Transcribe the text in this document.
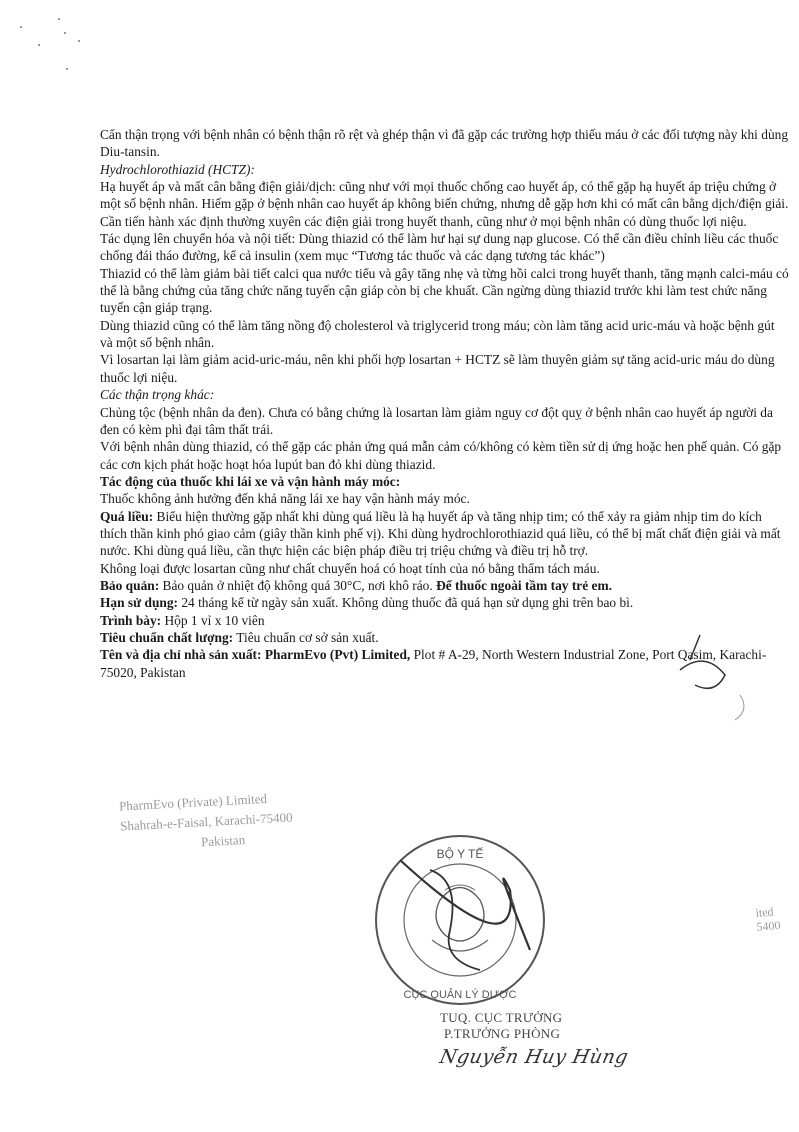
Cẩn thận trọng với bệnh nhân có bệnh thận rõ rệt và ghép thận vì đã gặp các trường hợp thiếu máu ở các đối tượng này khi dùng Diu-tansin.

Hydrochlorothiazid (HCTZ):

Hạ huyết áp và mất cân bằng điện giải/dịch: cũng như với mọi thuốc chống cao huyết áp, có thể gặp hạ huyết áp triệu chứng ở một số bệnh nhân. Hiếm gặp ở bệnh nhân cao huyết áp không biến chứng, nhưng dễ gặp hơn khi có mất cân bằng dịch/điện giải. Cần tiến hành xác định thường xuyên các điện giải trong huyết thanh, cũng như ở mọi bệnh nhân có dùng thuốc lợi niệu.

Tác dụng lên chuyển hóa và nội tiết: Dùng thiazid có thể làm hư hại sự dung nạp glucose. Có thể cần điều chỉnh liều các thuốc chống đái tháo đường, kể cả insulin (xem mục “Tương tác thuốc và các dạng tương tác khác”)

Thiazid có thể làm giảm bài tiết calci qua nước tiểu và gây tăng nhẹ và từng hồi calci trong huyết thanh, tăng mạnh calci-máu có thể là bằng chứng của tăng chức năng tuyến cận giáp còn bị che khuất. Cần ngừng dùng thiazid trước khi làm test chức năng tuyến cận giáp trạng.

Dùng thiazid cũng có thể làm tăng nồng độ cholesterol và triglycerid trong máu; còn làm tăng acid uric-máu và hoặc bệnh gút và một số bệnh nhân.

Vì losartan lại làm giảm acid-uric-máu, nên khi phối hợp losartan + HCTZ sẽ làm thuyên giảm sự tăng acid-uric máu do dùng thuốc lợi niệu.

Các thận trọng khác:

Chủng tộc (bệnh nhân da đen). Chưa có bằng chứng là losartan làm giảm nguy cơ đột quỵ ở bệnh nhân cao huyết áp người da đen có kèm phì đại tâm thất trái.

Với bệnh nhân dùng thiazid, có thể gặp các phản ứng quá mẫn cảm có/không có kèm tiền sử dị ứng hoặc hen phế quản. Có gặp các cơn kịch phát hoặc hoạt hóa lupút ban đỏ khi dùng thiazid.

Tác động của thuốc khi lái xe và vận hành máy móc:

Thuốc không ảnh hưởng đến khả năng lái xe hay vận hành máy móc.

Quá liều: Biểu hiện thường gặp nhất khi dùng quá liều là hạ huyết áp và tăng nhịp tim; có thể xảy ra giảm nhịp tim do kích thích thần kinh phó giao cảm (giây thần kinh phế vị). Khi dùng hydrochlorothiazid quá liều, có thể bị mất chất điện giải và mất nước. Khi dùng quá liều, cần thực hiện các biện pháp điều trị triệu chứng và điều trị hỗ trợ.

Không loại được losartan cũng như chất chuyển hoá có hoạt tính của nó bằng thẩm tách máu.

Bảo quản: Bảo quản ở nhiệt độ không quá 30°C, nơi khô ráo. Để thuốc ngoài tầm tay trẻ em.

Hạn sử dụng: 24 tháng kể từ ngày sản xuất. Không dùng thuốc đã quá hạn sử dụng ghi trên bao bì.

Trình bày: Hộp 1 vỉ x 10 viên

Tiêu chuẩn chất lượng: Tiêu chuẩn cơ sở sản xuất.

Tên và địa chỉ nhà sản xuất: PharmEvo (Pvt) Limited, Plot # A-29, North Western Industrial Zone, Port Qasim, Karachi-75020, Pakistan

PharmEvo (Private) Limited
Shahrah-e-Faisal, Karachi-75400
Pakistan
BỘ Y TẾ
CỤC QUẢN LÝ DƯỢC
ited
5400
TUQ. CỤC TRƯỞNG
P.TRƯỞNG PHÒNG
Nguyễn Huy Hùng
